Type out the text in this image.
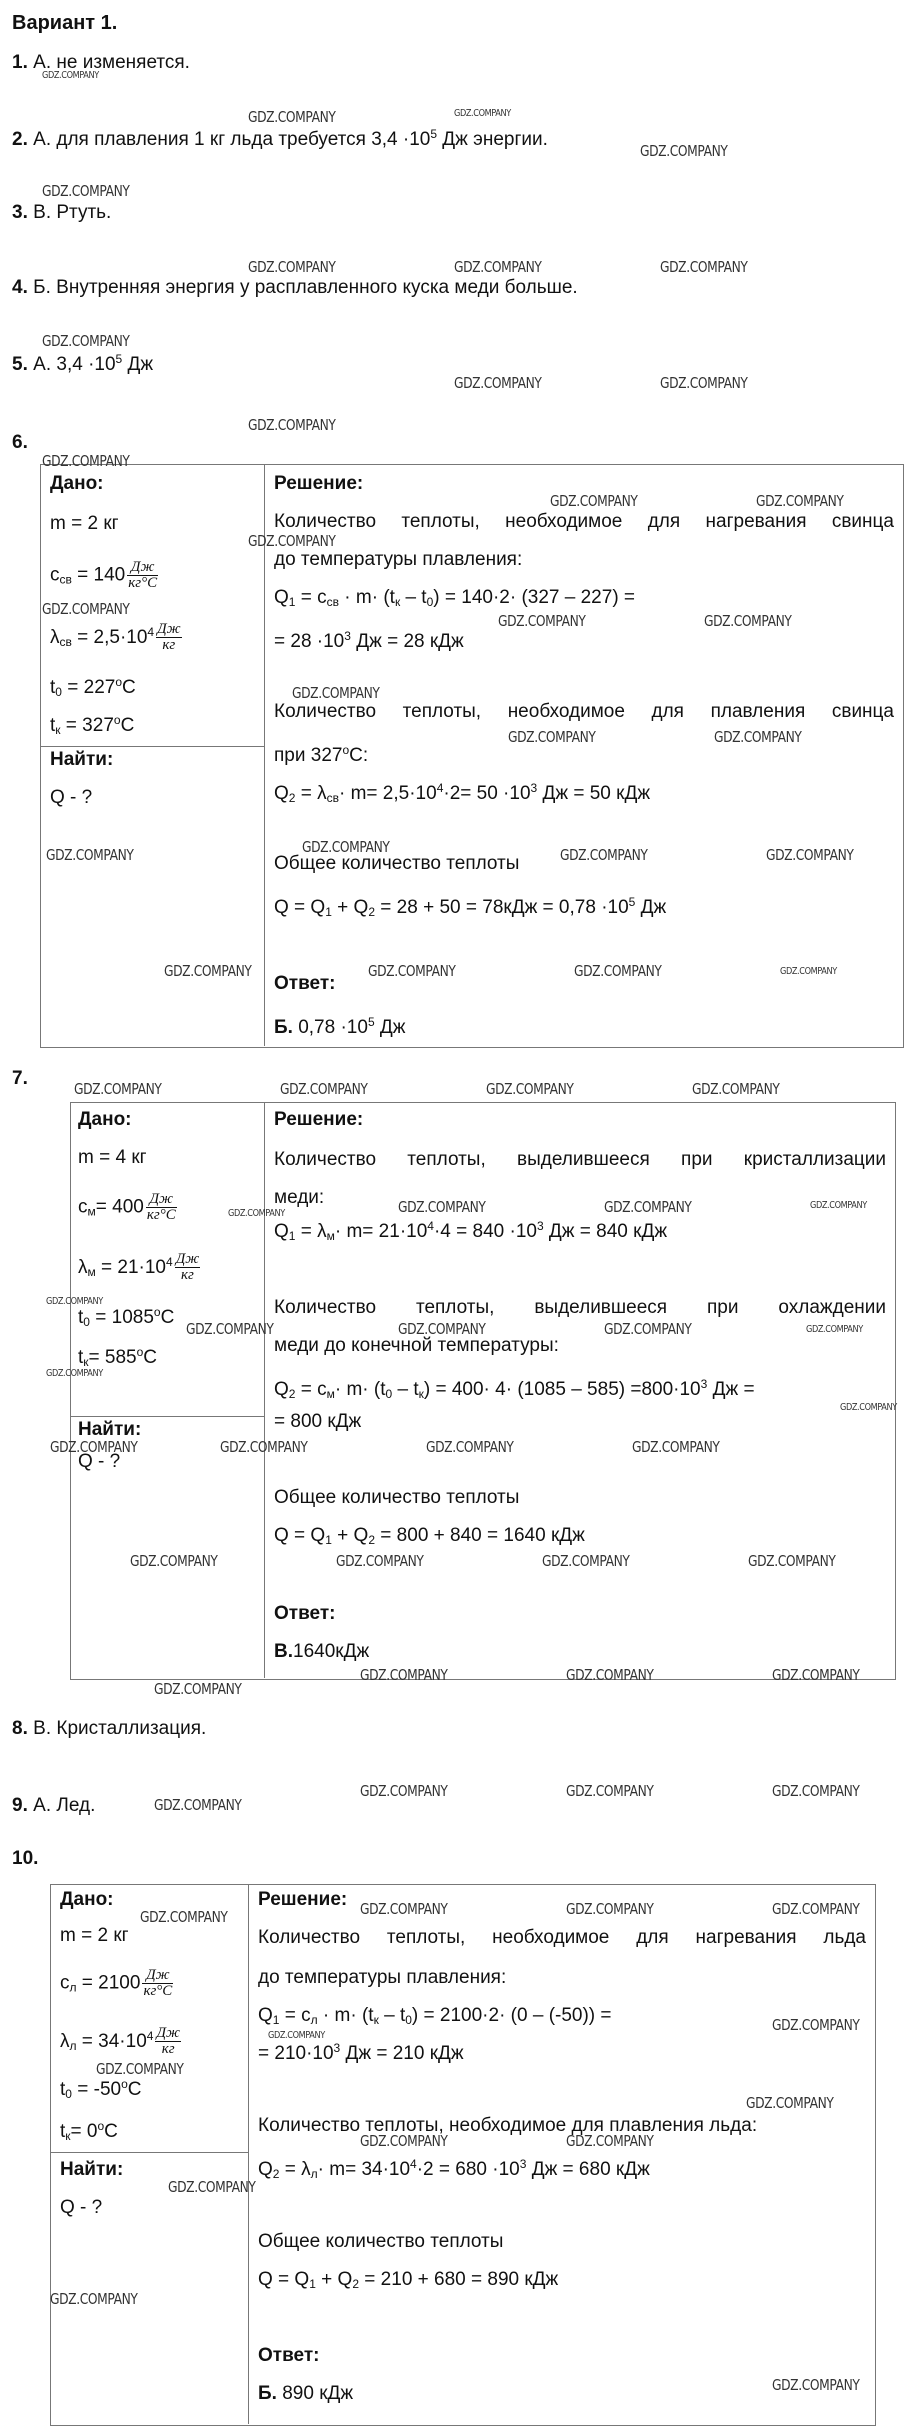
Вариант 1.
1. А. не изменяется.
2. А. для плавления 1 кг льда требуется $3,4 \cdot 10^5$ Дж энергии.
3. В. Ртуть.
4. Б. Внутренняя энергия у расплавленного куска меди больше.
5. А. $3,4 \cdot 10^5$ Дж
6.
Дано:
m = 2 кг
$c_{св} = 140 \frac{Дж}{кг^\circ С}$
$\lambda_{св} = 2,5\cdot 10^4 \frac{Дж}{кг}$
$t_0 = 227^oC$
$t_к = 327^oC$
Найти:
Q - ?
Решение:
Количество теплоты, необходимое для нагревания свинца
до температуры плавления:
$Q_1 = c_{св} \cdot m\cdot (t_к - t_0) = 140\cdot 2\cdot (327 - 227)$ =
= $28 \cdot 10^3$ Дж = 28 кДж
Количество теплоты, необходимое для плавления свинца
при $327^оС$:
$Q_2 = \lambda_{св}\cdot m= 2,5\cdot 10^4\cdot 2= 50 \cdot 10^3$ Дж = 50 кДж
Общее количество теплоты
$Q = Q_1 + Q_2 = 28 + 50 = 78кДж = 0,78 \cdot 10^5$ Дж
Ответ:
Б. $0,78 \cdot 10^5$ Дж
7.
Дано:
m = 4 кг
$c_м= 400 \frac{Дж}{кг^\circ С}$
$\lambda_м = 21\cdot 10^4 \frac{Дж}{кг}$
$t_0 = 1085^оС$
$t_к= 585^оС$
Найти:
Q - ?
Решение:
Количество теплоты, выделившееся при кристаллизации
меди:
$Q_1 = \lambda_м\cdot m= 21\cdot 10^4\cdot 4 = 840 \cdot 10^3$ Дж = 840 кДж
Количество теплоты, выделившееся при охлаждении
меди до конечной температуры:
$Q_2 = c_м\cdot m\cdot (t_0 - t_к) = 400\cdot 4\cdot (1085 - 585) =800\cdot 10^3$ Дж =
= 800 кДж
Общее количество теплоты
$Q = Q_1 + Q_2 = 800 + 840 = 1640$ кДж
Ответ:
В.1640кДж
8. В. Кристаллизация.
9. А. Лед.
10.
Дано:
m = 2 кг
$c_л = 2100 \frac{Дж}{кг^\circ С}$
$\lambda_л = 34\cdot 10^4 \frac{Дж}{кг}$
$t_0 = -50^оС$
$t_к= 0^оС$
Найти:
Q - ?
Решение:
Количество теплоты, необходимое для нагревания льда
до температуры плавления:
$Q_1 = c_л \cdot m\cdot (t_к - t_0) = 2100\cdot 2\cdot (0 - (-50))$ =
= $210\cdot 10^3$ Дж = 210 кДж
Количество теплоты, необходимое для плавления льда:
$Q_2 = \lambda_л\cdot m= 34\cdot 10^4\cdot 2 = 680 \cdot 10^3$ Дж = 680 кДж
Общее количество теплоты
$Q = Q_1 + Q_2 = 210 + 680 = 890$ кДж
Ответ:
Б. 890 кДж
GDZ.COMPANY
GDZ.COMPANY	GDZ.COMPANY
GDZ.COMPANY
GDZ.COMPANY
GDZ.COMPANY	GDZ.COMPANY	GDZ.COMPANY
GDZ.COMPANY
GDZ.COMPANY	GDZ.COMPANY
GDZ.COMPANY
GDZ.COMPANY
GDZ.COMPANY	GDZ.COMPANY
GDZ.COMPANY
GDZ.COMPANY
GDZ.COMPANY	GDZ.COMPANY
GDZ.COMPANY
GDZ.COMPANY	GDZ.COMPANY
GDZ.COMPANY
GDZ.COMPANY	GDZ.COMPANY	GDZ.COMPANY
GDZ.COMPANY	GDZ.COMPANY	GDZ.COMPANY	GDZ.COMPANY
GDZ.COMPANY	GDZ.COMPANY	GDZ.COMPANY	GDZ.COMPANY
GDZ.COMPANY	GDZ.COMPANY	GDZ.COMPANY	GDZ.COMPANY
GDZ.COMPANY
GDZ.COMPANY	GDZ.COMPANY	GDZ.COMPANY	GDZ.COMPANY
GDZ.COMPANY
GDZ.COMPANY
GDZ.COMPANY	GDZ.COMPANY	GDZ.COMPANY	GDZ.COMPANY
GDZ.COMPANY	GDZ.COMPANY	GDZ.COMPANY	GDZ.COMPANY
GDZ.COMPANY
GDZ.COMPANY	GDZ.COMPANY	GDZ.COMPANY
GDZ.COMPANY
GDZ.COMPANY	GDZ.COMPANY	GDZ.COMPANY
GDZ.COMPANY	GDZ.COMPANY	GDZ.COMPANY	GDZ.COMPANY
GDZ.COMPANY
GDZ.COMPANY
GDZ.COMPANY
GDZ.COMPANY	GDZ.COMPANY
GDZ.COMPANY
GDZ.COMPANY
GDZ.COMPANY
GDZ.COMPANY
